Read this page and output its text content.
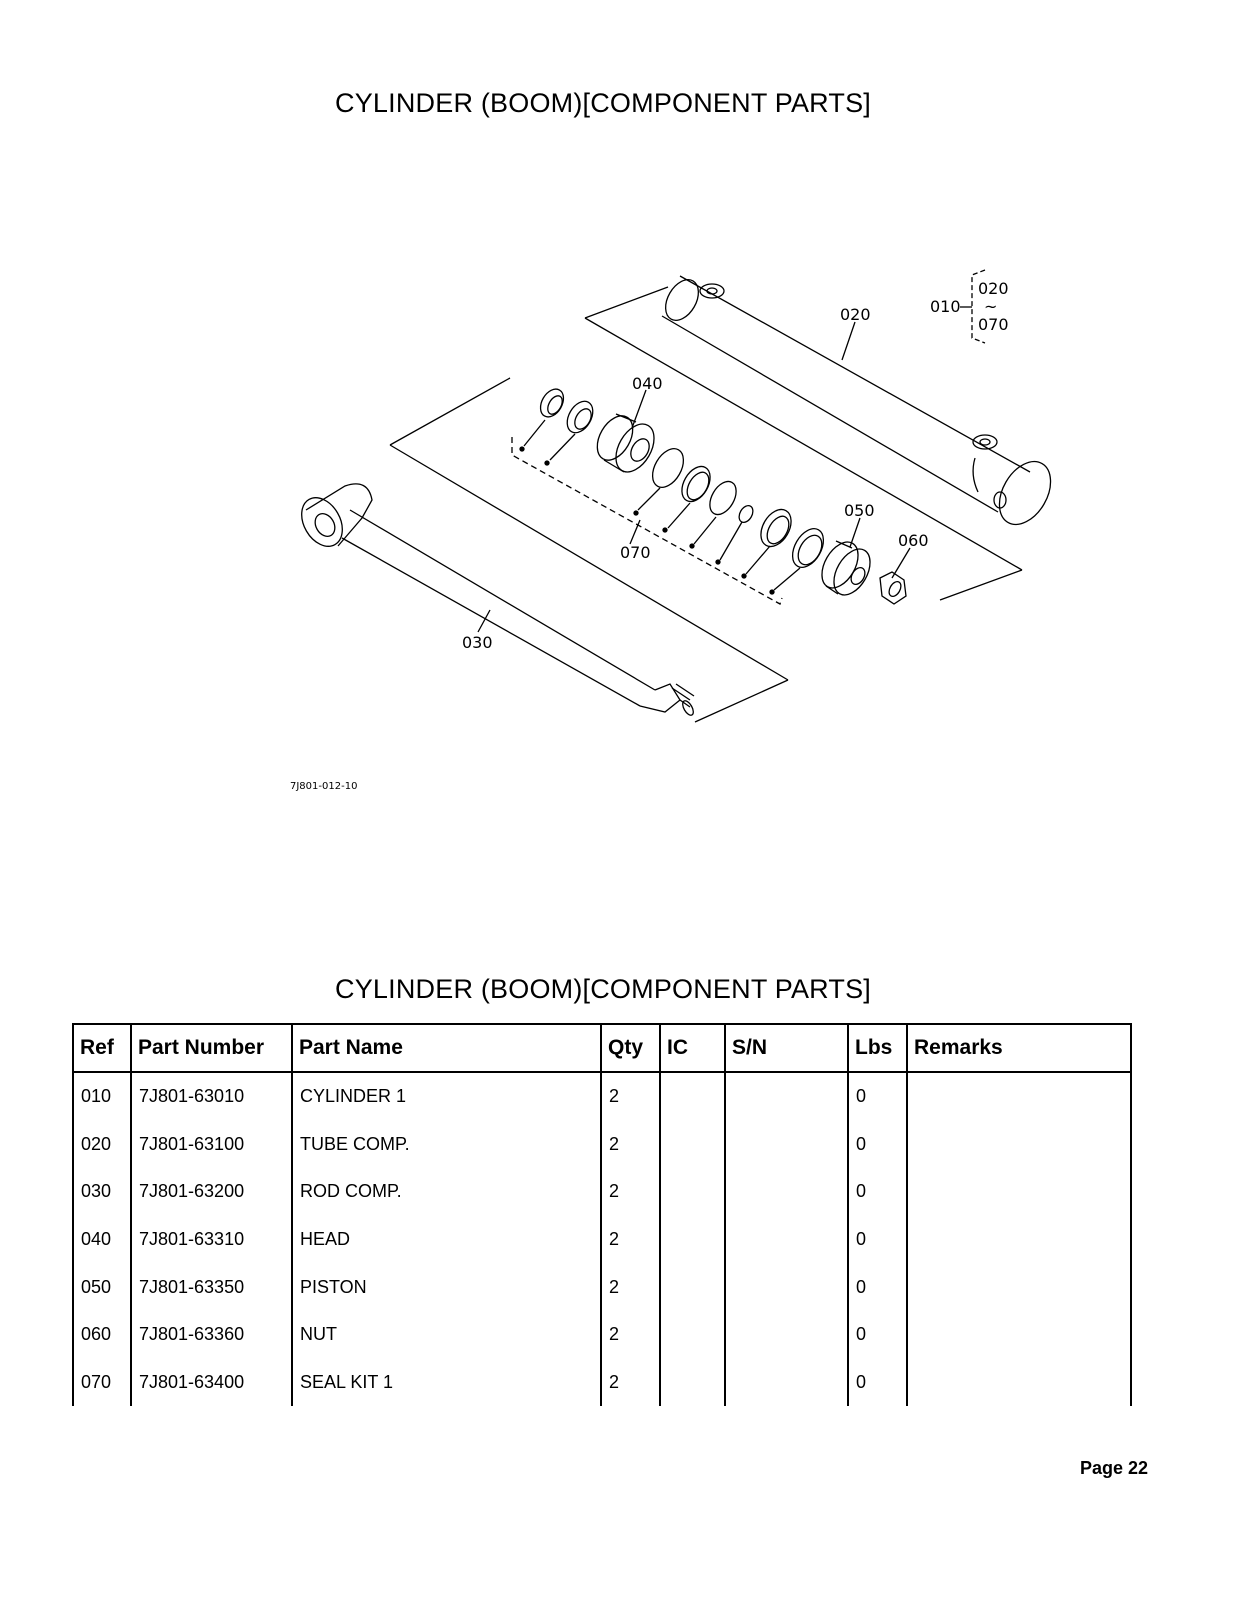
CYLINDER (BOOM)[COMPONENT PARTS]
010
020
~
070
020
040
050
060
070
030
7J801-012-10
CYLINDER (BOOM)[COMPONENT PARTS]
Ref	Part Number	Part Name	Qty	IC	S/N	Lbs	Remarks
010	7J801-63010	CYLINDER 1	2			0	
020	7J801-63100	TUBE COMP.	2			0	
030	7J801-63200	ROD COMP.	2			0	
040	7J801-63310	HEAD	2			0	
050	7J801-63350	PISTON	2			0	
060	7J801-63360	NUT	2			0	
070	7J801-63400	SEAL KIT 1	2			0	
Page 22
